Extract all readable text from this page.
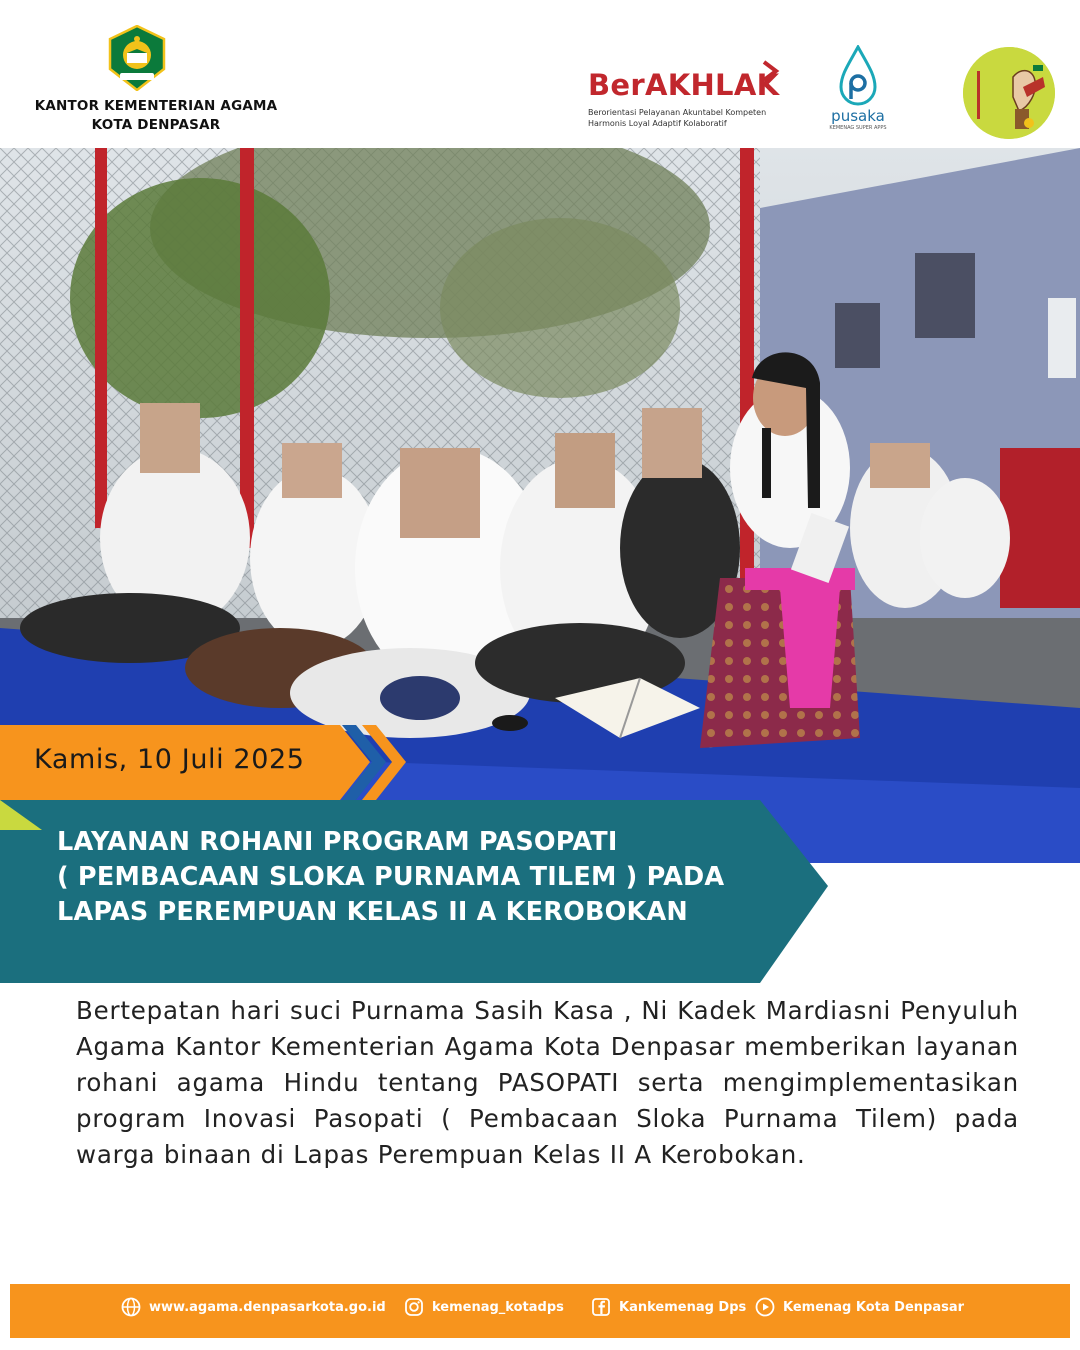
KANTOR KEMENTERIAN AGAMA
KOTA DENPASAR
BerAKHLAK
Berorientasi Pelayanan Akuntabel Kompeten
Harmonis Loyal Adaptif Kolaboratif	pusaka
KEMENAG SUPER APPS
Kamis, 10 Juli 2025
LAYANAN ROHANI PROGRAM PASOPATI
( PEMBACAAN SLOKA PURNAMA TILEM ) PADA
LAPAS PEREMPUAN KELAS II A KEROBOKAN
Bertepatan hari suci Purnama Sasih Kasa , Ni Kadek Mardiasni Penyuluh Agama Kantor Kementerian Agama Kota Denpasar memberikan layanan rohani agama Hindu tentang PASOPATI serta mengimplementasikan program Inovasi Pasopati ( Pembacaan Sloka Purnama Tilem) pada warga binaan di Lapas Perempuan Kelas II A Kerobokan.
www.agama.denpasarkota.go.id	kemenag_kotadps	Kankemenag Dps	Kemenag Kota Denpasar
